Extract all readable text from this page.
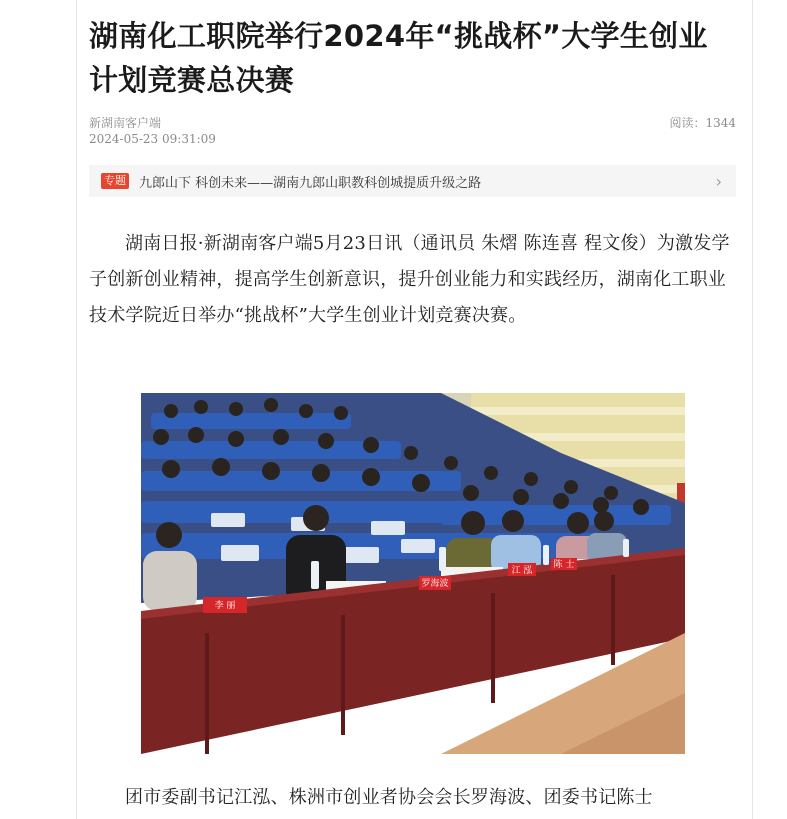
湖南化工职院举行2024年“挑战杯”大学生创业计划竞赛总决赛
新湖南客户端
2024-05-23 09:31:09
阅读：1344
专题 九郎山下 科创未来——湖南九郎山职教科创城提质升级之路	›

湖南日报·新湖南客户端5月23日讯（通讯员 朱熠 陈连喜 程文俊）为激发学子创新创业精神，提高学生创新意识，提升创业能力和实践经历，湖南化工职业技术学院近日举办“挑战杯”大学生创业计划竞赛决赛。

李 丽
罗海波
江 泓
陈 士

团市委副书记江泓、株洲市创业者协会会长罗海波、团委书记陈士
